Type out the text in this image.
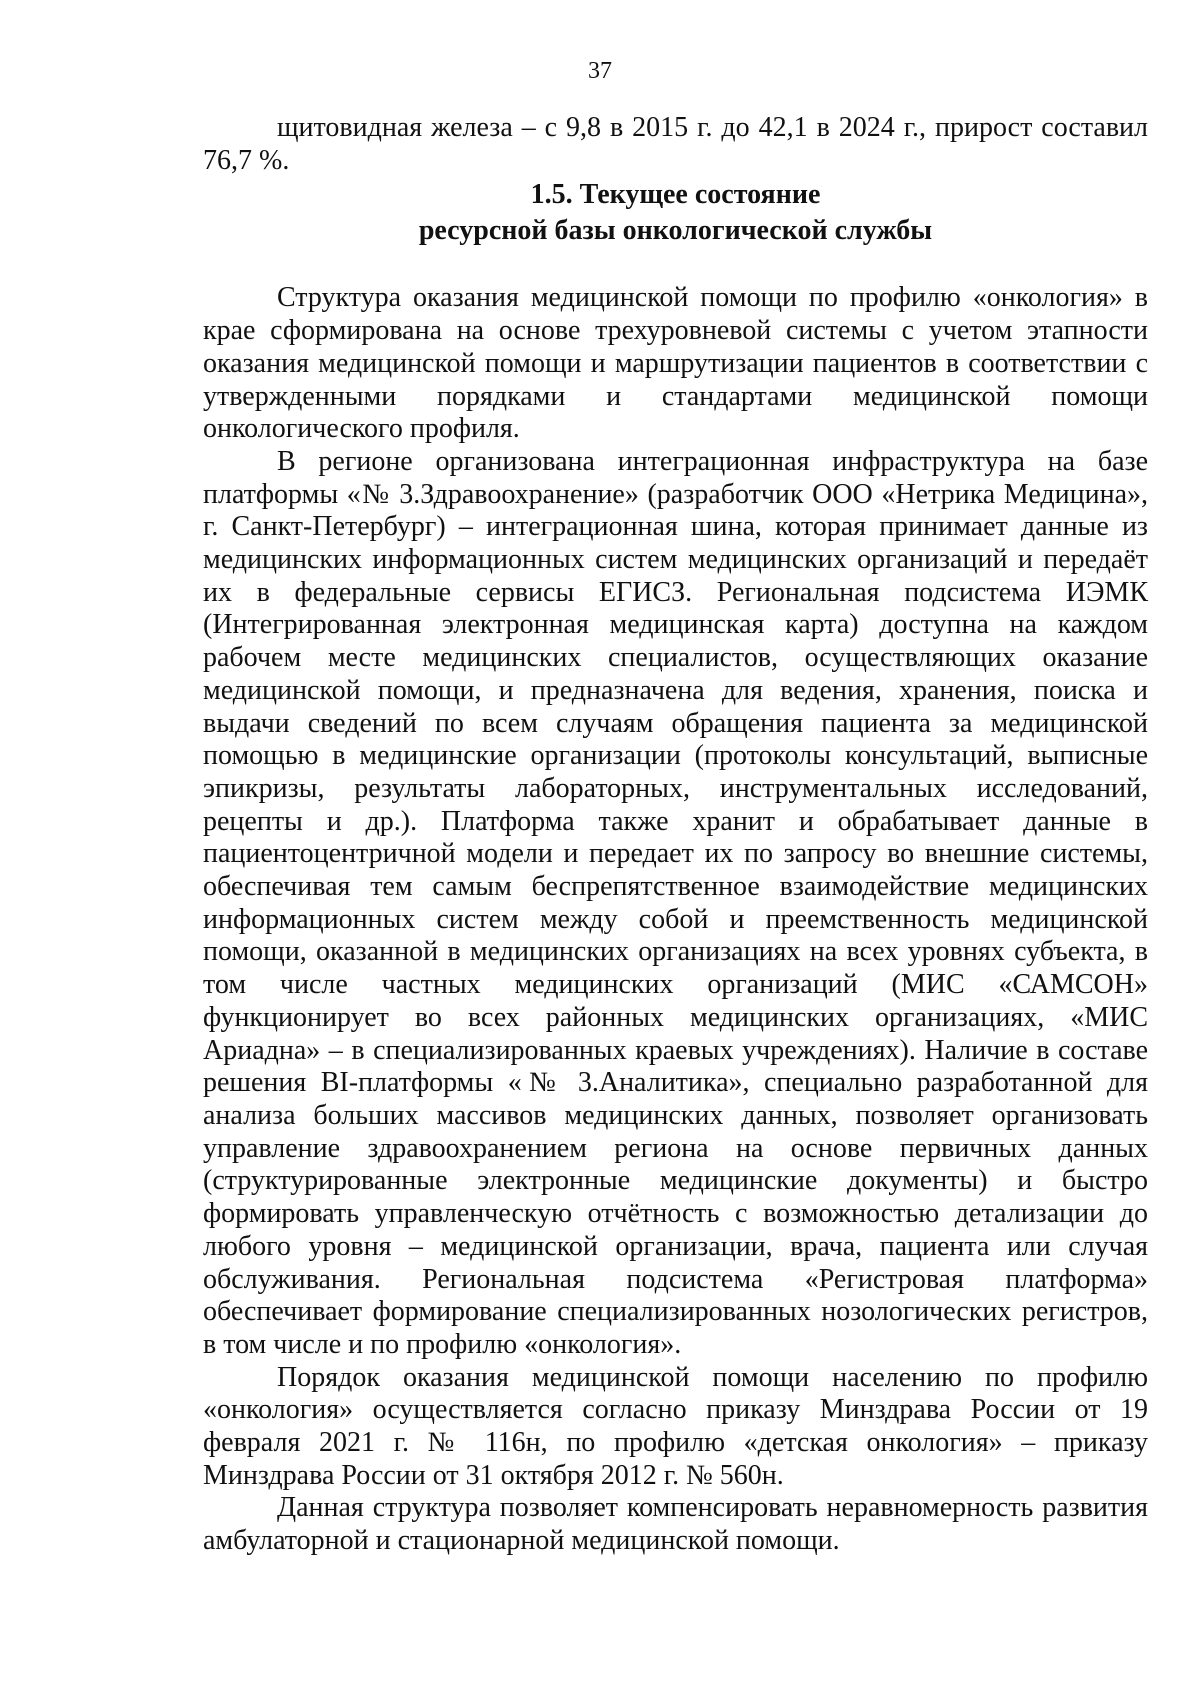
37

щитовидная железа – с 9,8 в 2015 г. до 42,1 в 2024 г., прирост составил 76,7 %.

1.5. Текущее состояние
ресурсной базы онкологической службы

Структура оказания медицинской помощи по профилю «онкология» в крае сформирована на основе трехуровневой системы с учетом этапности оказания медицинской помощи и маршрутизации пациентов в соответствии с утвержденными порядками и стандартами медицинской помощи онкологического профиля.

В регионе организована интеграционная инфраструктура на базе платформы «№ 3.Здравоохранение» (разработчик ООО «Нетрика Медицина», г. Санкт-Петербург) – интеграционная шина, которая принимает данные из медицинских информационных систем медицинских организаций и передаёт их в федеральные сервисы ЕГИСЗ. Региональная подсистема ИЭМК (Интегрированная электронная медицинская карта) доступна на каждом рабочем месте медицинских специалистов, осуществляющих оказание медицинской помощи, и предназначена для ведения, хранения, поиска и выдачи сведений по всем случаям обращения пациента за медицинской помощью в медицинские организации (протоколы консультаций, выписные эпикризы, результаты лабораторных, инструментальных исследований, рецепты и др.). Платформа также хранит и обрабатывает данные в пациентоцентричной модели и передает их по запросу во внешние системы, обеспечивая тем самым беспрепятственное взаимодействие медицинских информационных систем между собой и преемственность медицинской помощи, оказанной в медицинских организациях на всех уровнях субъекта, в том числе частных медицинских организаций (МИС «САМСОН» функционирует во всех районных медицинских организациях, «МИС Ариадна» – в специализированных краевых учреждениях). Наличие в составе решения BI-платформы «№ 3.Аналитика», специально разработанной для анализа больших массивов медицинских данных, позволяет организовать управление здравоохранением региона на основе первичных данных (структурированные электронные медицинские документы) и быстро формировать управленческую отчётность с возможностью детализации до любого уровня – медицинской организации, врача, пациента или случая обслуживания. Региональная подсистема «Регистровая платформа» обеспечивает формирование специализированных нозологических регистров, в том числе и по профилю «онкология».

Порядок оказания медицинской помощи населению по профилю «онкология» осуществляется согласно приказу Минздрава России от 19 февраля 2021 г. № 116н, по профилю «детская онкология» – приказу Минздрава России от 31 октября 2012 г. № 560н.

Данная структура позволяет компенсировать неравномерность развития амбулаторной и стационарной медицинской помощи.
